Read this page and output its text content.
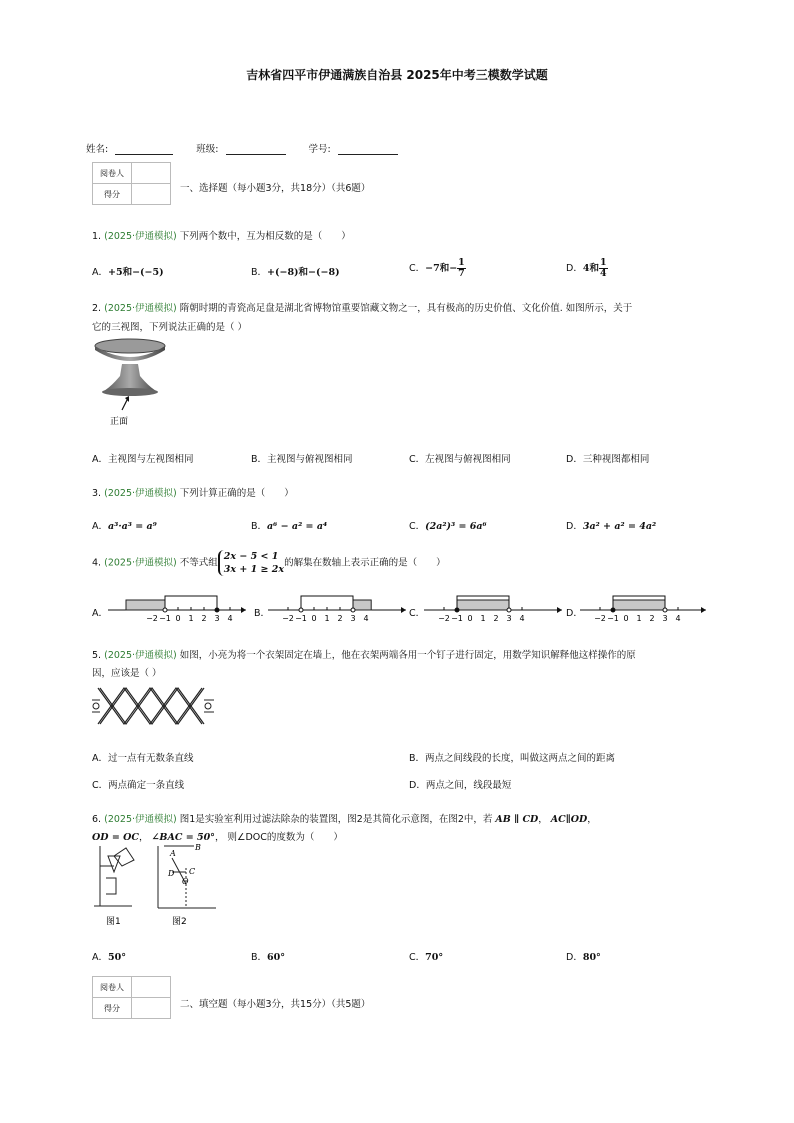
吉林省四平市伊通满族自治县 2025年中考三模数学试题
姓名:	班级:	学号:
阅卷人	
得分		一、选择题（每小题3分，共18分）（共6题）
1. (2025·伊通模拟) 下列两个数中，互为相反数的是（　　）
A．+5和−(−5)	B．+(−8)和−(−8)	C．−7和− $\frac{1}{7}$	D．4和 $\frac{1}{4}$
2. (2025·伊通模拟) 隋朝时期的青瓷高足盘是湖北省博物馆重要馆藏文物之一，具有极高的历史价值、文化价值. 如图所示，关于
它的三视图，下列说法正确的是（ ）
正面
A．主视图与左视图相同	B．主视图与俯视图相同	C．左视图与俯视图相同	D．三种视图都相同
3. (2025·伊通模拟) 下列计算正确的是（　　）
A．a³·a³ = a⁹	B．a⁶ − a² = a⁴	C．(2a²)³ = 6a⁶	D．3a² + a² = 4a²
4. (2025·伊通模拟) 不等式组
2x − 5 < 1
3x + 1 ≥ 2x
的解集在数轴上表示正确的是（　　）
A．	B．	C．	D．
−2 −1 0 1 2 3 4	−2 −1 0 1 2 3 4	−2 −1 0 1 2 3 4	−2 −1 0 1 2 3 4
5. (2025·伊通模拟) 如图，小亮为将一个衣架固定在墙上，他在衣架两端各用一个钉子进行固定，用数学知识解释他这样操作的原
因，应该是（ ）
A．过一点有无数条直线	B．两点之间线段的长度，叫做这两点之间的距离
C．两点确定一条直线	D．两点之间，线段最短
6. (2025·伊通模拟) 图1是实验室利用过滤法除杂的装置图，图2是其简化示意图，在图2中，若 AB ∥ CD， AC∥OD，
OD = OC， ∠BAC = 50°， 则∠DOC的度数为（　　）
A
B
C
D
O
图1	图2
A．50°	B．60°	C．70°	D．80°
阅卷人	
得分		二、填空题（每小题3分，共15分）（共5题）
